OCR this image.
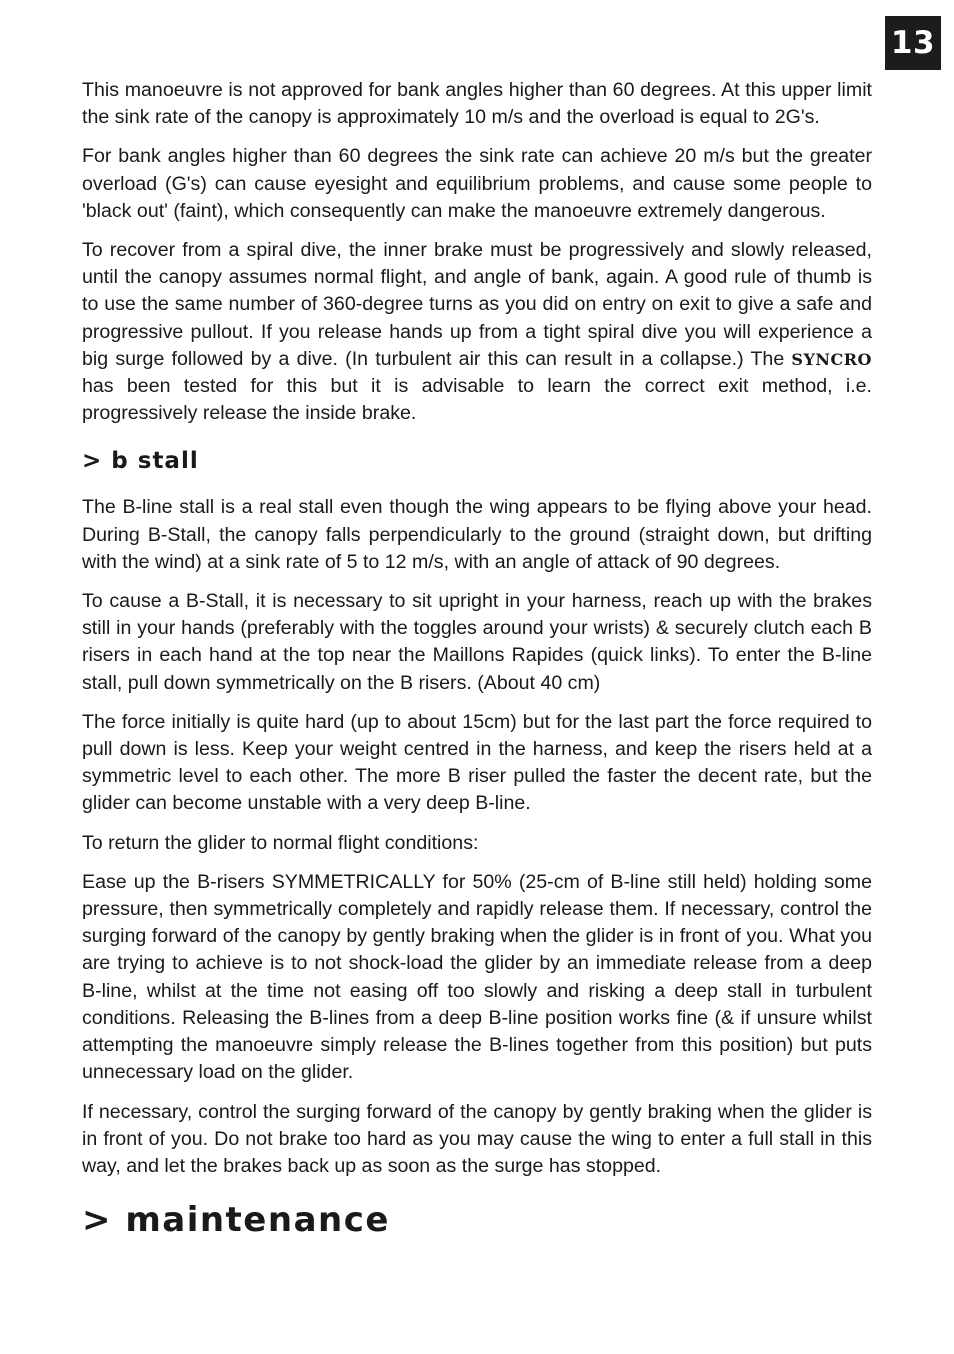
13

This manoeuvre is not approved for bank angles higher than 60 degrees. At this upper limit the sink rate of the canopy is approximately 10 m/s and the overload is equal to 2G's.

For bank angles higher than 60 degrees the sink rate can achieve 20 m/s but the greater overload (G's) can cause eyesight and equilibrium problems, and cause some people to 'black out' (faint), which consequently can make the manoeuvre extremely dangerous.

To recover from a spiral dive, the inner brake must be progressively and slowly released, until the canopy assumes normal flight, and angle of bank, again. A good rule of thumb is to use the same number of 360-degree turns as you did on entry on exit to give a safe and progressive pullout. If you release hands up from a tight spiral dive you will experience a big surge followed by a dive. (In turbulent air this can result in a collapse.) The SYNCRO has been tested for this but it is advisable to learn the correct exit method, i.e. progressively release the inside brake.

> b stall

The B-line stall is a real stall even though the wing appears to be flying above your head. During B-Stall, the canopy falls perpendicularly to the ground (straight down, but drifting with the wind) at a sink rate of 5 to 12 m/s, with an angle of attack of 90 degrees.

To cause a B-Stall, it is necessary to sit upright in your harness, reach up with the brakes still in your hands (preferably with the toggles around your wrists) & securely clutch each B risers in each hand at the top near the Maillons Rapides (quick links). To enter the B-line stall, pull down symmetrically on the B risers. (About 40 cm)

The force initially is quite hard (up to about 15cm) but for the last part the force required to pull down is less. Keep your weight centred in the harness, and keep the risers held at a symmetric level to each other. The more B riser pulled the faster the decent rate, but the glider can become unstable with a very deep B-line.

To return the glider to normal flight conditions:

Ease up the B-risers SYMMETRICALLY for 50% (25-cm of B-line still held) holding some pressure, then symmetrically completely and rapidly release them. If necessary, control the surging forward of the canopy by gently braking when the glider is in front of you. What you are trying to achieve is to not shock-load the glider by an immediate release from a deep B-line, whilst at the time not easing off too slowly and risking a deep stall in turbulent conditions. Releasing the B-lines from a deep B-line position works fine (& if unsure whilst attempting the manoeuvre simply release the B-lines together from this position) but puts unnecessary load on the glider.

If necessary, control the surging forward of the canopy by gently braking when the glider is in front of you. Do not brake too hard as you may cause the wing to enter a full stall in this way, and let the brakes back up as soon as the surge has stopped.

> maintenance
